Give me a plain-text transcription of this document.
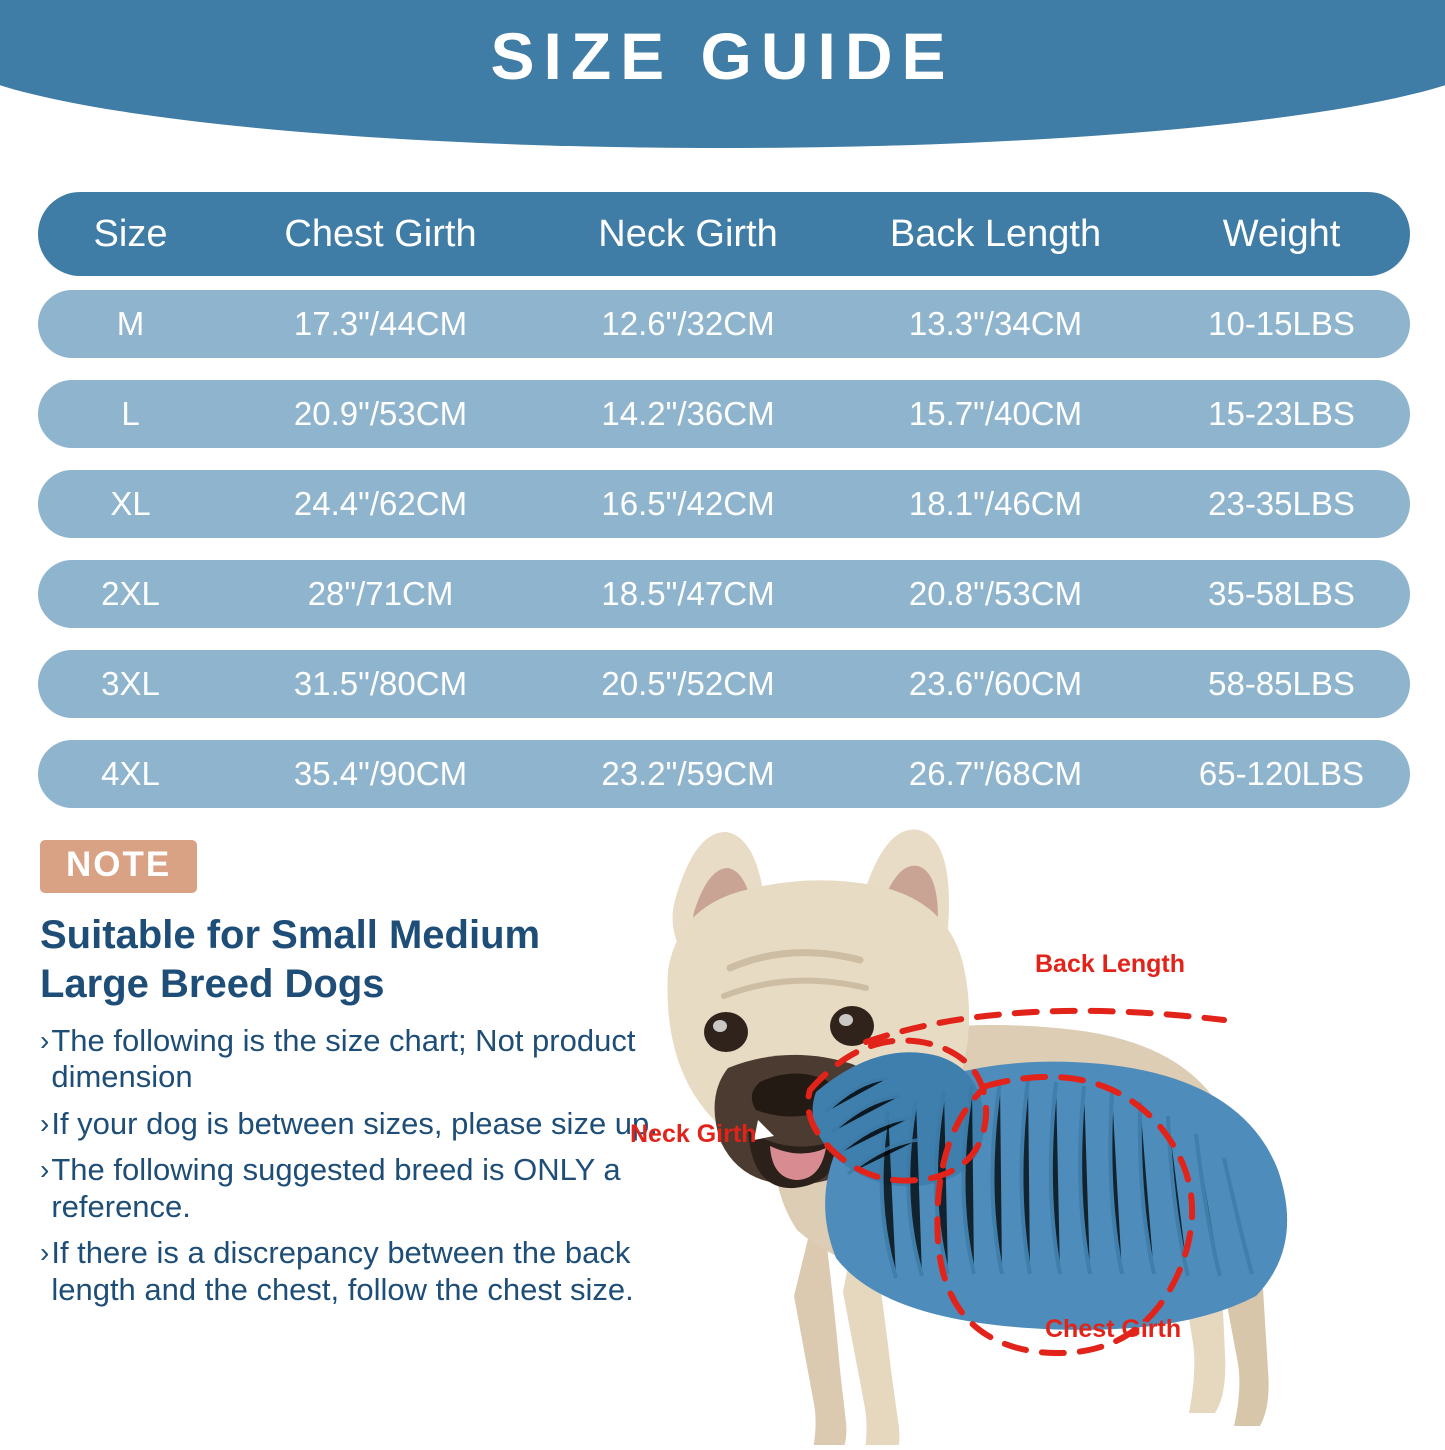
SIZE GUIDE
Size	Chest Girth	Neck Girth	Back Length	Weight
M	17.3"/44CM	12.6"/32CM	13.3"/34CM	10-15LBS
L	20.9"/53CM	14.2"/36CM	15.7"/40CM	15-23LBS
XL	24.4"/62CM	16.5"/42CM	18.1"/46CM	23-35LBS
2XL	28"/71CM	18.5"/47CM	20.8"/53CM	35-58LBS
3XL	31.5"/80CM	20.5"/52CM	23.6"/60CM	58-85LBS
4XL	35.4"/90CM	23.2"/59CM	26.7"/68CM	65-120LBS
NOTE
Suitable for Small Medium Large Breed Dogs
› The following is the size chart; Not product dimension
› If your dog is between sizes, please size up.
› The following suggested breed is ONLY a reference.
› If there is a discrepancy between the back length and the chest, follow the chest size.
Back Length
Neck Girth
Chest Girth
